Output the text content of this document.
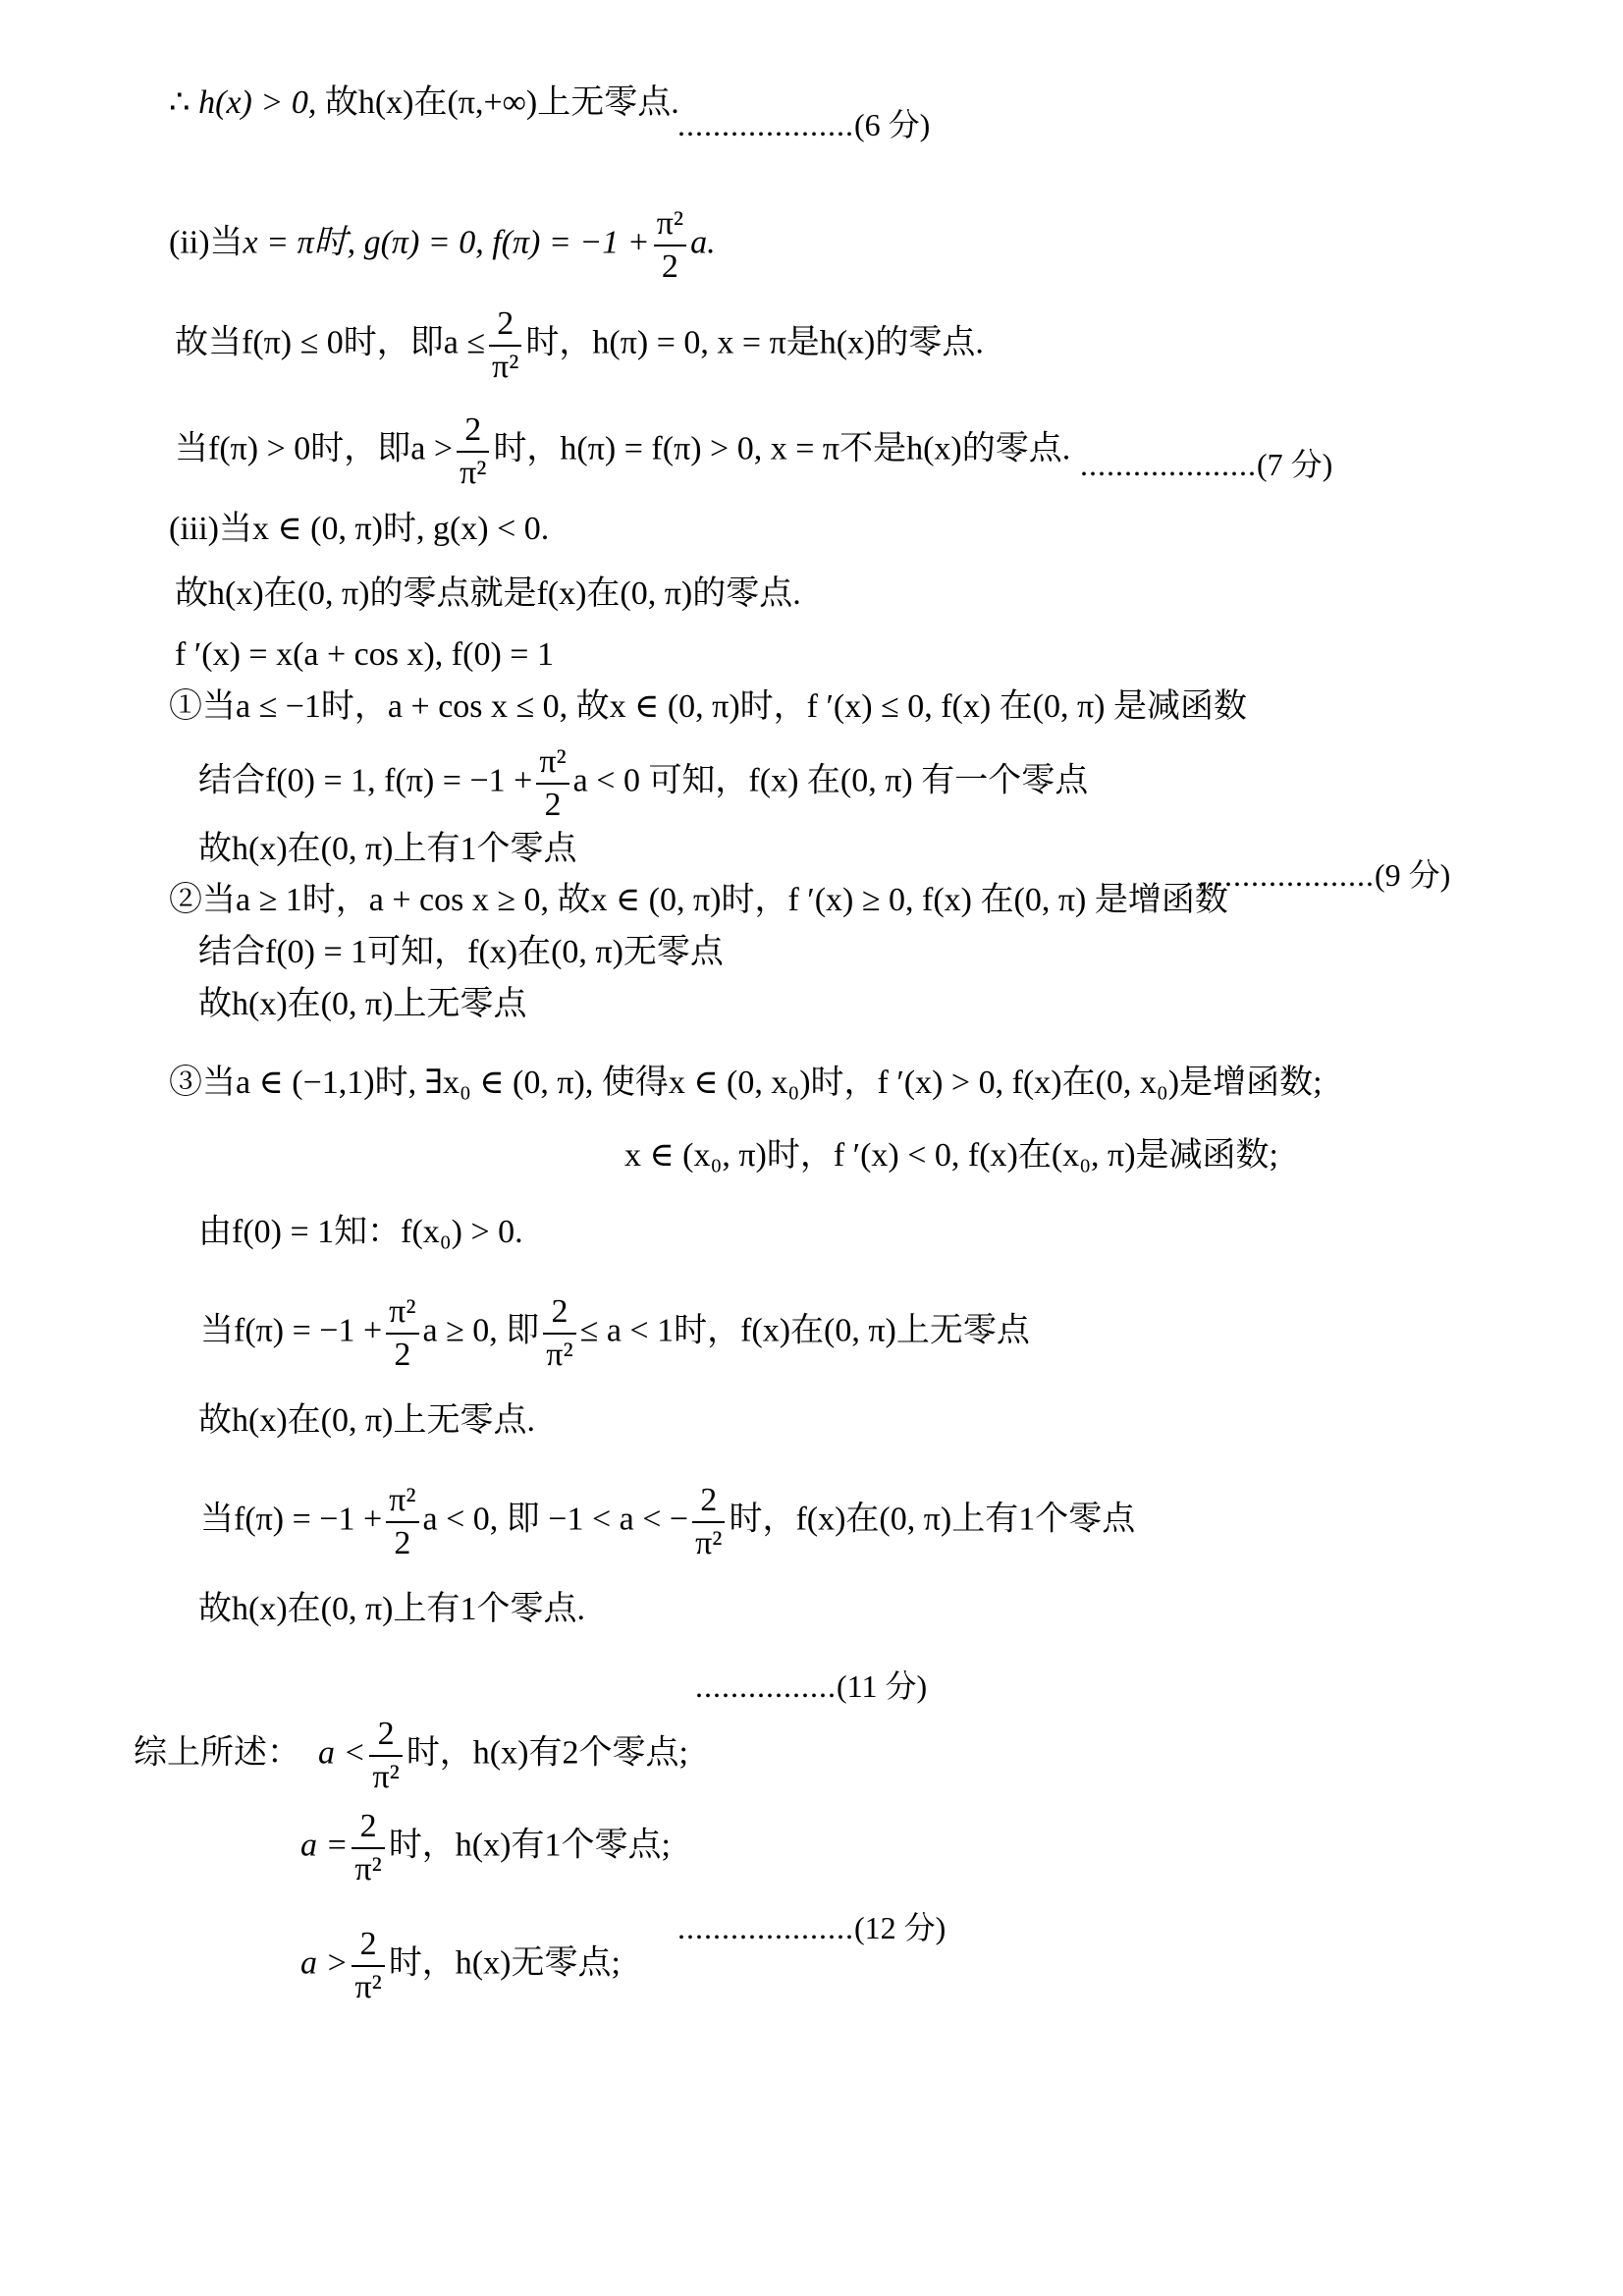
∴ h(x) > 0, 故h(x)在(π,+∞)上无零点.
....................(6 分)
(ii)当x = π时, g(π) = 0, $f(\pi) = -1 + \frac{\text{π²}}{2} a$.
故当f(π) ≤ 0时，即$a \le \frac{2}{\text{π²}}$ 时，h(π) = 0, x = π是h(x)的零点.
当f(π) > 0时，即$a > \frac{2}{\text{π²}}$ 时，h(π) = f(π) > 0, x = π不是h(x)的零点. ....................(7 分)
(iii)当x ∈ (0, π)时, g(x) < 0.
故h(x)在(0, π)的零点就是f(x)在(0, π)的零点.
f ′(x) = x(a + cos x), f(0) = 1
①当a ≤ −1时，a + cos x ≤ 0, 故x ∈ (0, π)时，f ′(x) ≤ 0, f(x) 在(0, π) 是减函数
结合f(0) = 1, $f(\pi) = -1 + \frac{\text{π²}}{2}$ a < 0 可知，f(x) 在(0, π) 有一个零点
故h(x)在(0, π)上有1个零点
....................(9 分)
②当a ≥ 1时，a + cos x ≥ 0, 故x ∈ (0, π)时，f ′(x) ≥ 0, f(x) 在(0, π) 是增函数
结合f(0) = 1可知，f(x)在(0, π)无零点
故h(x)在(0, π)上无零点
③当a ∈ (−1,1)时, ∃x₀ ∈ (0, π), 使得x ∈ (0, x₀)时，f ′(x) > 0, f(x)在(0, x₀)是增函数;
x ∈ (x₀, π)时，f ′(x) < 0, f(x)在(x₀, π)是减函数;
由f(0) = 1知：f(x₀) > 0.
当$f(\pi) = -1 + \frac{\text{π²}}{2}$ a ≥ 0, 即 $\frac{2}{\text{π²}} \le a < 1$时，f(x)在(0, π)上无零点
故h(x)在(0, π)上无零点.
当$f(\pi) = -1 + \frac{\text{π²}}{2}$ a < 0, 即 −1 < a < − $\frac{2}{\text{π²}}$ 时，f(x)在(0, π)上有1个零点
故h(x)在(0, π)上有1个零点.
................(11 分)
综上所述： $a < \frac{2}{\text{π²}}$ 时，h(x)有2个零点;
$a = \frac{2}{\text{π²}}$ 时，h(x)有1个零点;
....................(12 分)
$a > \frac{2}{\text{π²}}$ 时，h(x)无零点;
